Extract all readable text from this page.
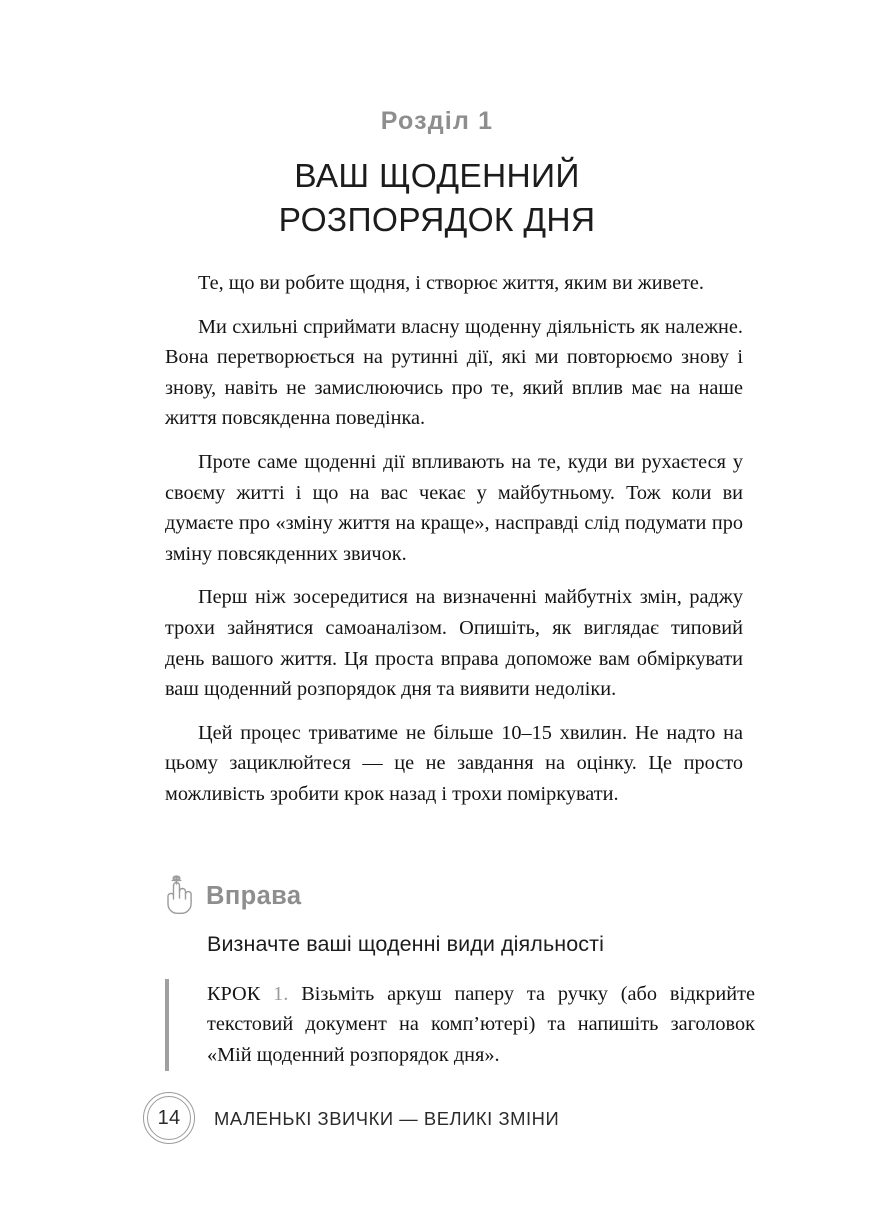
Розділ 1
ВАШ ЩОДЕННИЙ
РОЗПОРЯДОК ДНЯ

Те, що ви робите щодня, і створює життя, яким ви живете.

Ми схильні сприймати власну щоденну діяльність як належне. Вона перетворюється на рутинні дії, які ми повторюємо знову і знову, навіть не замислюючись про те, який вплив має на наше життя повсякденна поведінка.

Проте саме щоденні дії впливають на те, куди ви рухаєтеся у своєму житті і що на вас чекає у майбутньому. Тож коли ви думаєте про «зміну життя на краще», насправді слід подумати про зміну повсякденних звичок.

Перш ніж зосередитися на визначенні майбутніх змін, раджу трохи зайнятися самоаналізом. Опишіть, як виглядає типовий день вашого життя. Ця проста вправа допоможе вам обміркувати ваш щоденний розпорядок дня та виявити недоліки.

Цей процес триватиме не більше 10–15 хвилин. Не надто на цьому зациклюйтеся — це не завдання на оцінку. Це просто можливість зробити крок назад і трохи поміркувати.

Вправа
Визначте ваші щоденні види діяльності

КРОК 1. Візьміть аркуш паперу та ручку (або відкрийте текстовий документ на комп’ютері) та напишіть заголовок «Мій щоденний розпорядок дня».

14	МАЛЕНЬКІ ЗВИЧКИ — ВЕЛИКІ ЗМІНИ
